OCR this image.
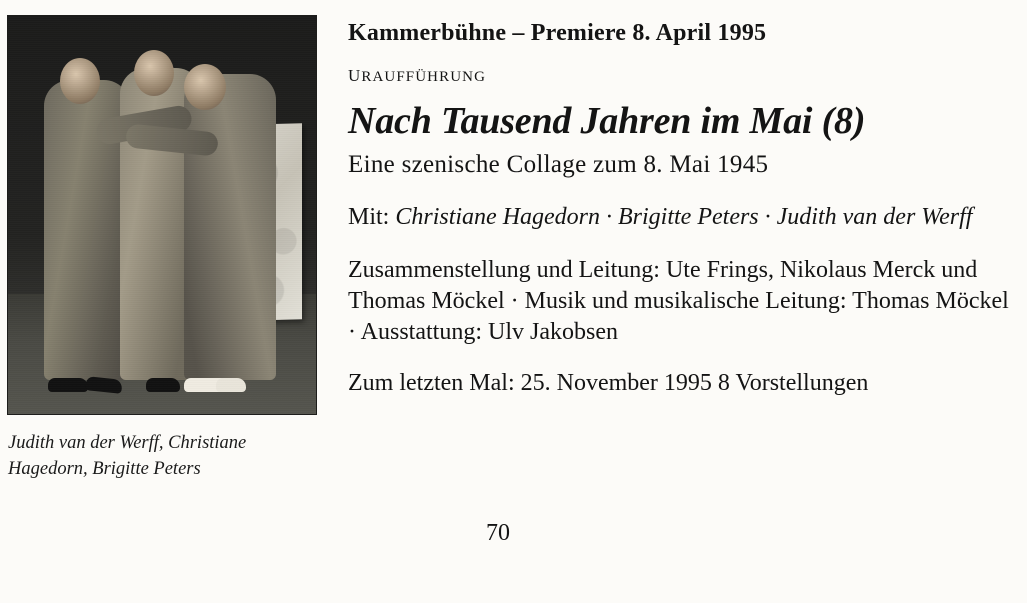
Judith van der Werff, Christiane Hagedorn, Brigitte Peters

Kammerbühne – Premiere 8. April 1995

uraufführung

Nach Tausend Jahren im Mai (8)

Eine szenische Collage zum 8. Mai 1945

Mit: Christiane Hagedorn · Brigitte Peters · Judith van der Werff

Zusammenstellung und Leitung: Ute Frings, Nikolaus Merck und Thomas Möckel · Musik und musikalische Leitung: Thomas Möckel · Ausstattung: Ulv Jakobsen

Zum letzten Mal: 25. November 1995 8 Vorstellungen

70
